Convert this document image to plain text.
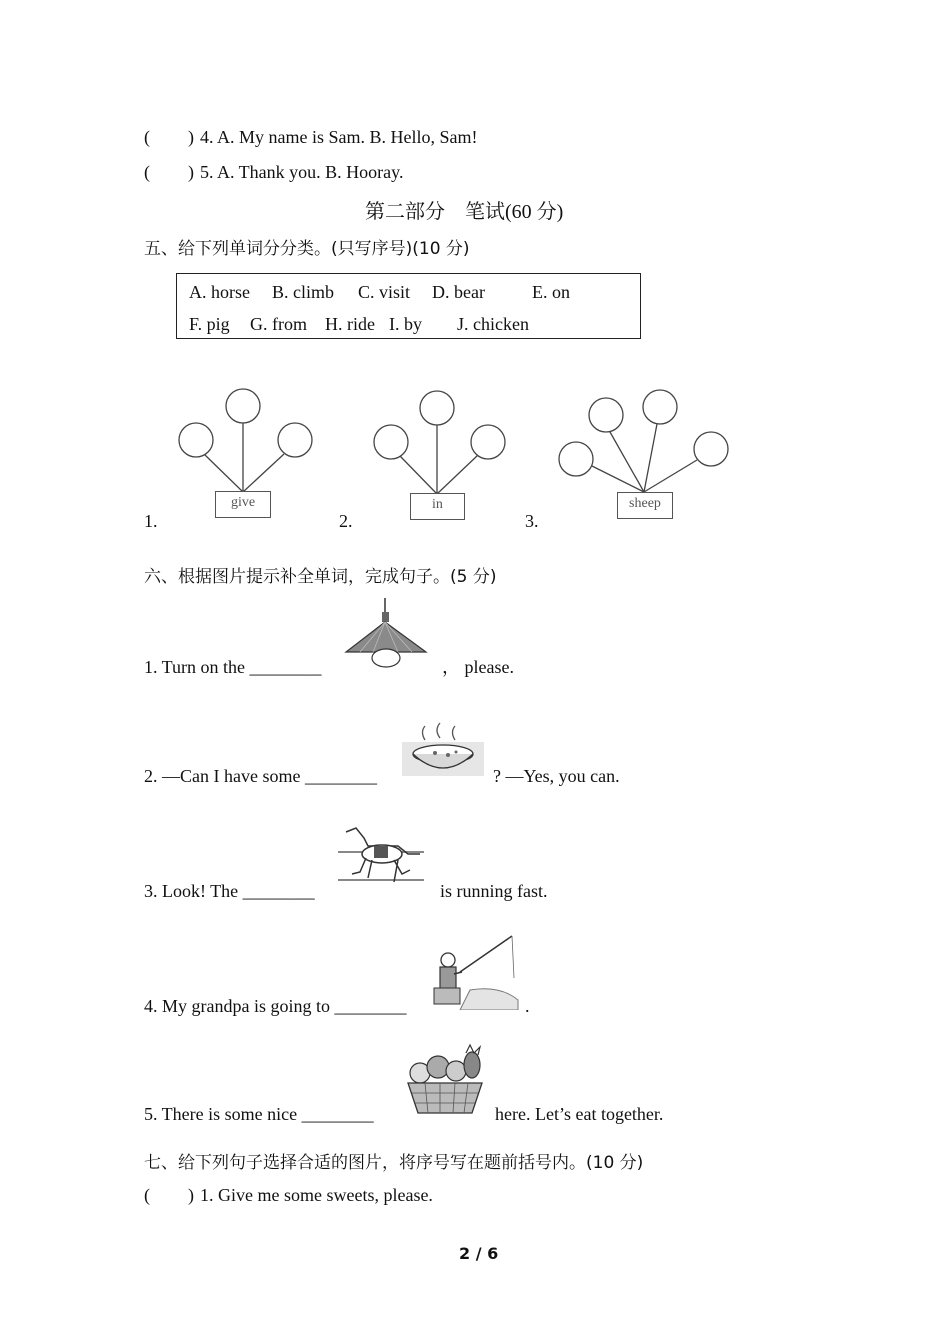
( ) 4. A. My name is Sam. B. Hello, Sam!
( ) 5. A. Thank you. B. Hooray.
第二部分　笔试(60 分)
五、给下列单词分分类。(只写序号)(10 分)
A. horse B. climb C. visit D. bear	E. on
F. pig G. from H. ride I. by J. chicken
give	in	sheep
1.	2.	3.
六、根据图片提示补全单词，完成句子。(5 分)
1. Turn on the ________	， please.
2. —Can I have some ________	? —Yes, you can.
3. Look! The ________	is running fast.
4. My grandpa is going to ________	.
5. There is some nice ________	here. Let’s eat together.
七、给下列句子选择合适的图片，将序号写在题前括号内。(10 分)
( ) 1. Give me some sweets, please.
2 / 6
